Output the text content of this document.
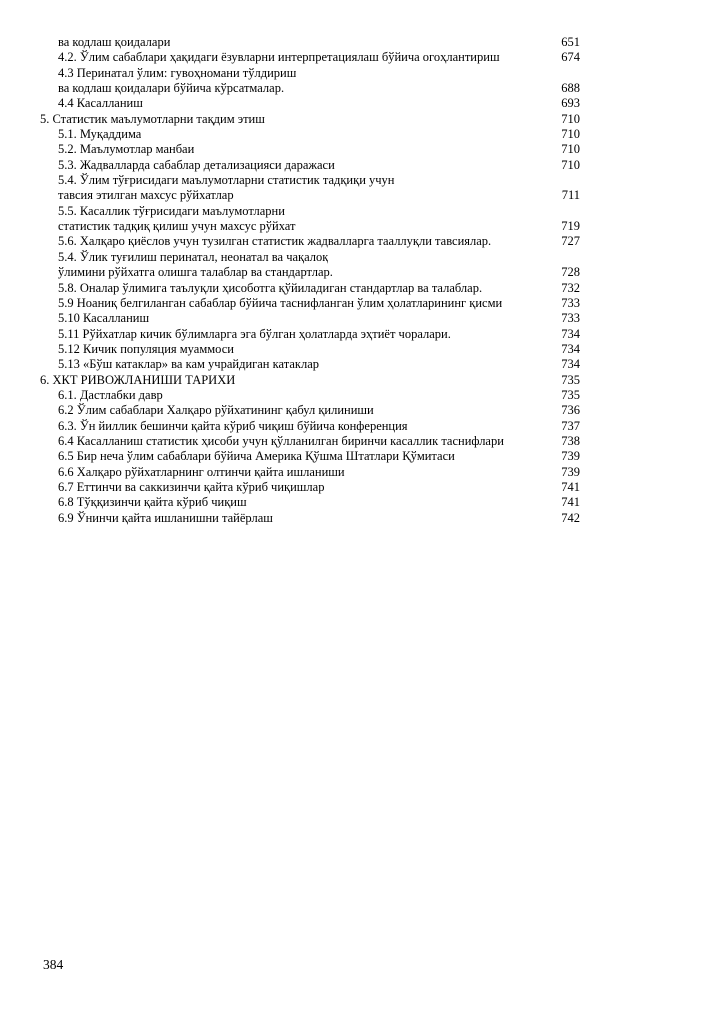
ва кодлаш қоидалари	651
4.2. Ўлим сабаблари ҳақидаги ёзувларни интерпретациялаш бўйича огоҳлантириш	674
4.3 Перинатал ўлим: гувоҳномани тўлдириш
ва кодлаш қоидалари бўйича кўрсатмалар.	688
4.4 Касалланиш	693
5. Статистик маълумотларни тақдим этиш	710
5.1. Муқаддима	710
5.2. Маълумотлар манбаи	710
5.3. Жадвалларда сабаблар детализацияси даражаси	710
5.4. Ўлим тўғрисидаги маълумотларни статистик тадқиқи учун
тавсия этилган махсус рўйхатлар	711
5.5. Касаллик тўғрисидаги маълумотларни
статистик тадқиқ қилиш учун махсус рўйхат	719
5.6. Халқаро қиёслов учун тузилган статистик жадвалларга тааллуқли тавсиялар.	727
5.4. Ўлик туғилиш перинатал, неонатал ва чақалоқ
ўлимини рўйхатга олишга талаблар ва стандартлар.	728
5.8. Оналар ўлимига таълуқли ҳисоботга қўйиладиган стандартлар ва талаблар.	732
5.9 Ноаниқ белгиланган сабаблар бўйича таснифланган ўлим ҳолатларининг қисми	733
5.10 Касалланиш	733
5.11 Рўйхатлар кичик бўлимларга эга бўлган ҳолатларда эҳтиёт чоралари.	734
5.12 Кичик популяция муаммоси	734
5.13 «Бўш катаклар» ва кам учрайдиган катаклар	734
6. ХКТ РИВОЖЛАНИШИ ТАРИХИ	735
6.1. Дастлабки давр	735
6.2 Ўлим сабаблари Халқаро рўйхатининг қабул қилиниши	736
6.3. Ўн йиллик бешинчи қайта кўриб чиқиш бўйича конференция	737
6.4 Касалланиш статистик ҳисоби учун қўлланилган биринчи касаллик таснифлари	738
6.5 Бир неча ўлим сабаблари бўйича Америка Қўшма Штатлари Қўмитаси	739
6.6 Халқаро рўйхатларнинг олтинчи қайта ишланиши	739
6.7 Еттинчи ва саккизинчи қайта кўриб чиқишлар	741
6.8 Тўққизинчи қайта кўриб чиқиш	741
6.9 Ўнинчи қайта ишланишни тайёрлаш	742
384
